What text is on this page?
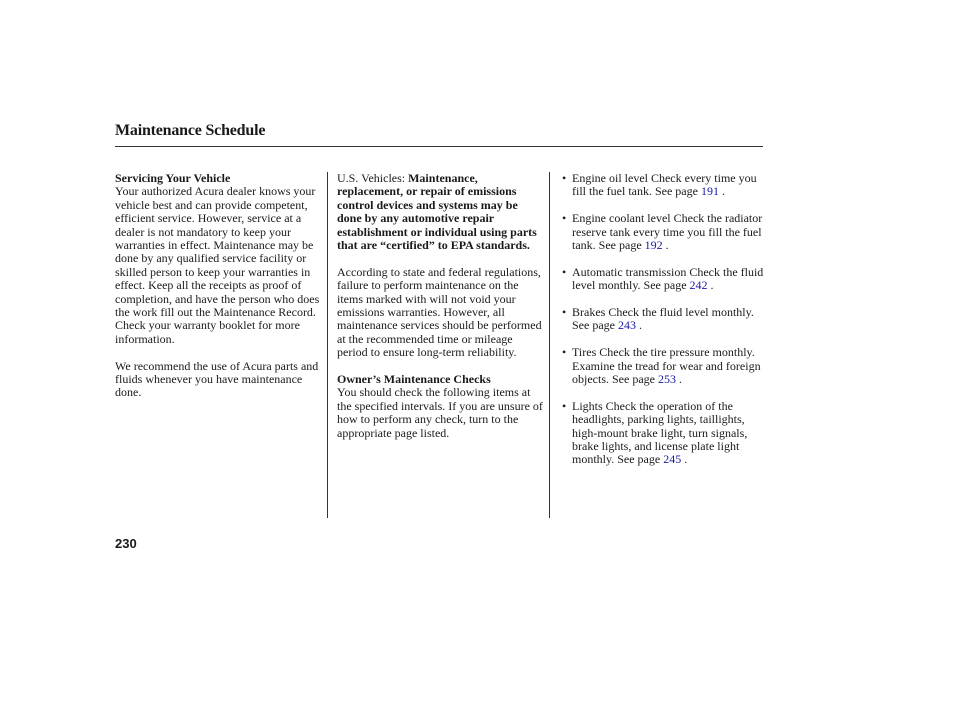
Maintenance Schedule

Servicing Your Vehicle

Your authorized Acura dealer knows your vehicle best and can provide competent, efficient service. However, service at a dealer is not mandatory to keep your warranties in effect. Maintenance may be done by any qualified service facility or skilled person to keep your warranties in effect. Keep all the receipts as proof of completion, and have the person who does the work fill out the Maintenance Record. Check your warranty booklet for more information.

We recommend the use of Acura parts and fluids whenever you have maintenance done.

U.S. Vehicles: Maintenance, replacement, or repair of emissions control devices and systems may be done by any automotive repair establishment or individual using parts that are “certified” to EPA standards.

According to state and federal regulations, failure to perform maintenance on the items marked with will not void your emissions warranties. However, all maintenance services should be performed at the recommended time or mileage period to ensure long-term reliability.

Owner’s Maintenance Checks

You should check the following items at the specified intervals. If you are unsure of how to perform any check, turn to the appropriate page listed.

• Engine oil level Check every time you fill the fuel tank. See page 191 .
• Engine coolant level Check the radiator reserve tank every time you fill the fuel tank. See page 192 .
• Automatic transmission Check the fluid level monthly. See page 242 .
• Brakes Check the fluid level monthly. See page 243 .
• Tires Check the tire pressure monthly. Examine the tread for wear and foreign objects. See page 253 .
• Lights Check the operation of the headlights, parking lights, taillights, high-mount brake light, turn signals, brake lights, and license plate light monthly. See page 245 .
230
